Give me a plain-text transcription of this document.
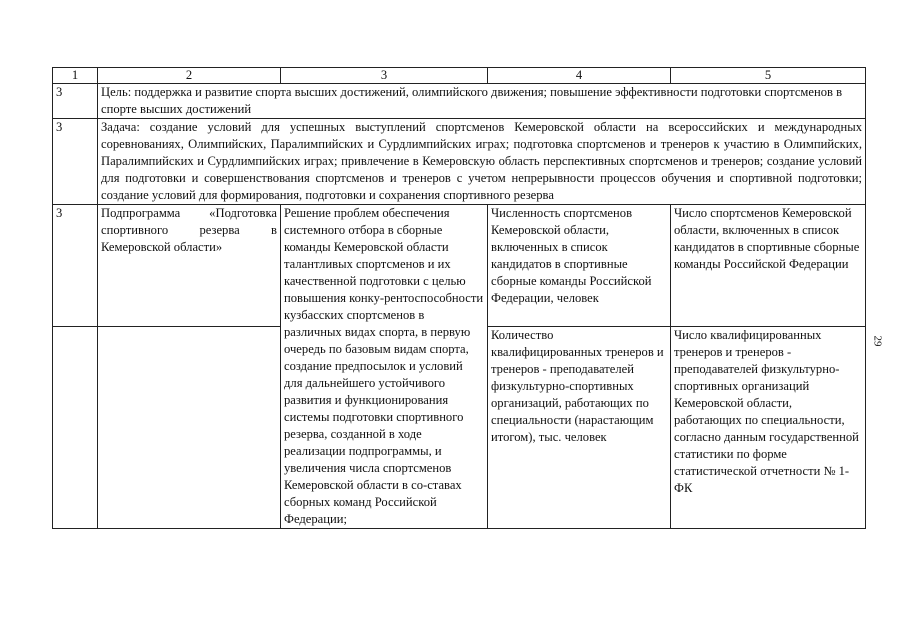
1	2	3	4	5
3	Цель: поддержка и развитие спорта высших достижений, олимпийского движения; повышение эффективности подготовки спортсменов в спорте высших достижений			
3	Задача: создание условий для успешных выступлений спортсменов Кемеровской области на всероссийских и международных соревнованиях, Олимпийских, Паралимпийских и Сурдлимпийских играх; подготовка спортсменов и тренеров к участию в Олимпийских, Паралимпийских и Сурдлимпийских играх; привлечение в Кемеровскую область перспективных спортсменов и тренеров; создание условий для подготовки и совершенствования спортсменов и тренеров с учетом непрерывности процессов обучения и спортивной подготовки; создание условий для формирования, подготовки и сохранения спортивного резерва			
3	Подпрограмма «Подготовка спортивного резерва в Кемеровской области»	Решение проблем обеспечения системного отбора в сборные команды Кемеровской области талантливых спортсменов и их качественной подготовки с целью повышения конку-рентоспособности кузбасских спортсменов в различных видах спорта, в первую очередь по базовым видам спорта, создание предпосылок и условий для дальнейшего устойчивого развития и функционирования системы подготовки спортивного резерва, созданной в ходе реализации подпрограммы, и увеличения числа спортсменов Кемеровской области в со-ставах сборных команд Российской Федерации;	Численность спортсменов Кемеровской области, включенных в список кандидатов в спортивные сборные команды Российской Федерации, человек	Число спортсменов Кемеровской области, включенных в список кандидатов в спортивные сборные команды Российской Федерации
			Количество квалифицированных тренеров и тренеров - преподавателей физкультурно-спортивных организаций, работающих по специальности (нарастающим итогом), тыс. человек	Число квалифицированных тренеров и тренеров - преподавателей физкультурно-спортивных организаций Кемеровской области, работающих по специальности, согласно данным государственной статистики по форме статистической отчетности № 1-ФК
29
